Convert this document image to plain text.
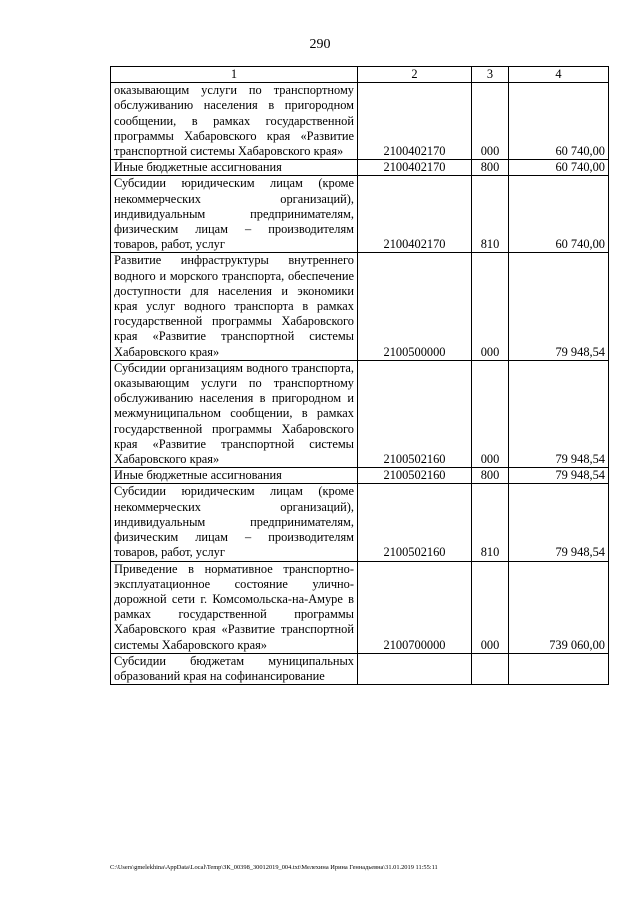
290
1	2	3	4
оказывающим услуги по транспортному обслуживанию населения в пригородном сообщении, в рамках государственной программы Хабаровского края «Развитие транспортной системы Хабаровского края»	2100402170	000	60 740,00
Иные бюджетные ассигнования	2100402170	800	60 740,00
Субсидии юридическим лицам (кроме некоммерческих организаций), индивидуальным предпринимателям, физическим лицам – производителям товаров, работ, услуг	2100402170	810	60 740,00
Развитие инфраструктуры внутреннего водного и морского транспорта, обеспечение доступности для населения и экономики края услуг водного транспорта в рамках государственной программы Хабаровского края «Развитие транспортной системы Хабаровского края»	2100500000	000	79 948,54
Субсидии организациям водного транспорта, оказывающим услуги по транспортному обслуживанию населения в пригородном и межмуниципальном сообщении, в рамках государственной программы Хабаровского края «Развитие транспортной системы Хабаровского края»	2100502160	000	79 948,54
Иные бюджетные ассигнования	2100502160	800	79 948,54
Субсидии юридическим лицам (кроме некоммерческих организаций), индивидуальным предпринимателям, физическим лицам – производителям товаров, работ, услуг	2100502160	810	79 948,54
Приведение в нормативное транспортно-эксплуатационное состояние улично-дорожной сети г. Комсомольска-на-Амуре в рамках государственной программы Хабаровского края «Развитие транспортной системы Хабаровского края»	2100700000	000	739 060,00
Субсидии бюджетам муниципальных образований края на софинансирование			
C:\Users\gmelekhina\AppData\Local\Temp\ЗК_00398_30012019_004.txt\Мелехина Ирина Геннадьевна\31.01.2019 11:55:11
